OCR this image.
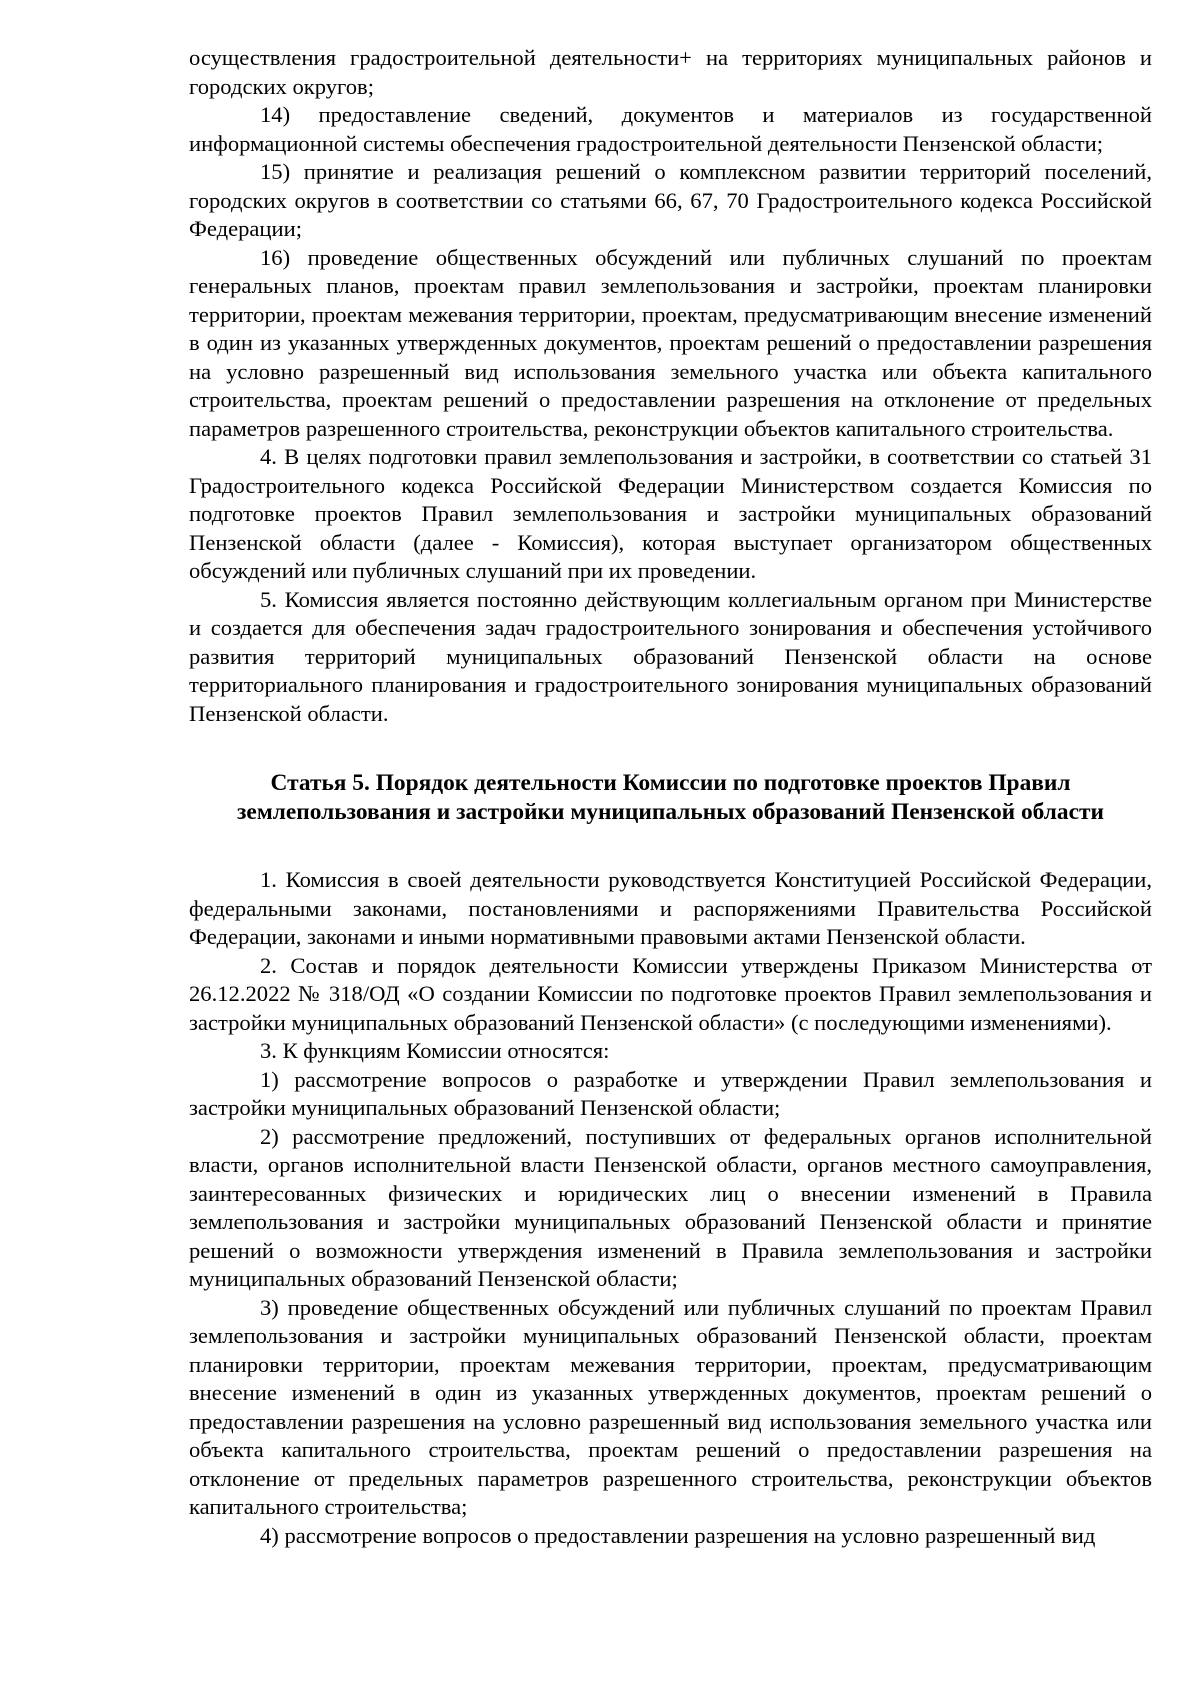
осуществления градостроительной деятельности+ на территориях муниципальных районов и городских округов;

14) предоставление сведений, документов и материалов из государственной информационной системы обеспечения градостроительной деятельности Пензенской области;

15) принятие и реализация решений о комплексном развитии территорий поселений, городских округов в соответствии со статьями 66, 67, 70 Градостроительного кодекса Российской Федерации;

16) проведение общественных обсуждений или публичных слушаний по проектам генеральных планов, проектам правил землепользования и застройки, проектам планировки территории, проектам межевания территории, проектам, предусматривающим внесение изменений в один из указанных утвержденных документов, проектам решений о предоставлении разрешения на условно разрешенный вид использования земельного участка или объекта капитального строительства, проектам решений о предоставлении разрешения на отклонение от предельных параметров разрешенного строительства, реконструкции объектов капитального строительства.

4. В целях подготовки правил землепользования и застройки, в соответствии со статьей 31 Градостроительного кодекса Российской Федерации Министерством создается Комиссия по подготовке проектов Правил землепользования и застройки муниципальных образований Пензенской области (далее - Комиссия), которая выступает организатором общественных обсуждений или публичных слушаний при их проведении.

5. Комиссия является постоянно действующим коллегиальным органом при Министерстве и создается для обеспечения задач градостроительного зонирования и обеспечения устойчивого развития территорий муниципальных образований Пензенской области на основе территориального планирования и градостроительного зонирования муниципальных образований Пензенской области.

Статья 5. Порядок деятельности Комиссии по подготовке проектов Правил землепользования и застройки муниципальных образований Пензенской области

1. Комиссия в своей деятельности руководствуется Конституцией Российской Федерации, федеральными законами, постановлениями и распоряжениями Правительства Российской Федерации, законами и иными нормативными правовыми актами Пензенской области.

2. Состав и порядок деятельности Комиссии утверждены Приказом Министерства от 26.12.2022 № 318/ОД «О создании Комиссии по подготовке проектов Правил землепользования и застройки муниципальных образований Пензенской области» (с последующими изменениями).

3. К функциям Комиссии относятся:

1) рассмотрение вопросов о разработке и утверждении Правил землепользования и застройки муниципальных образований Пензенской области;

2) рассмотрение предложений, поступивших от федеральных органов исполнительной власти, органов исполнительной власти Пензенской области, органов местного самоуправления, заинтересованных физических и юридических лиц о внесении изменений в Правила землепользования и застройки муниципальных образований Пензенской области и принятие решений о возможности утверждения изменений в Правила землепользования и застройки муниципальных образований Пензенской области;

3) проведение общественных обсуждений или публичных слушаний по проектам Правил землепользования и застройки муниципальных образований Пензенской области, проектам планировки территории, проектам межевания территории, проектам, предусматривающим внесение изменений в один из указанных утвержденных документов, проектам решений о предоставлении разрешения на условно разрешенный вид использования земельного участка или объекта капитального строительства, проектам решений о предоставлении разрешения на отклонение от предельных параметров разрешенного строительства, реконструкции объектов капитального строительства;

4) рассмотрение вопросов о предоставлении разрешения на условно разрешенный вид
